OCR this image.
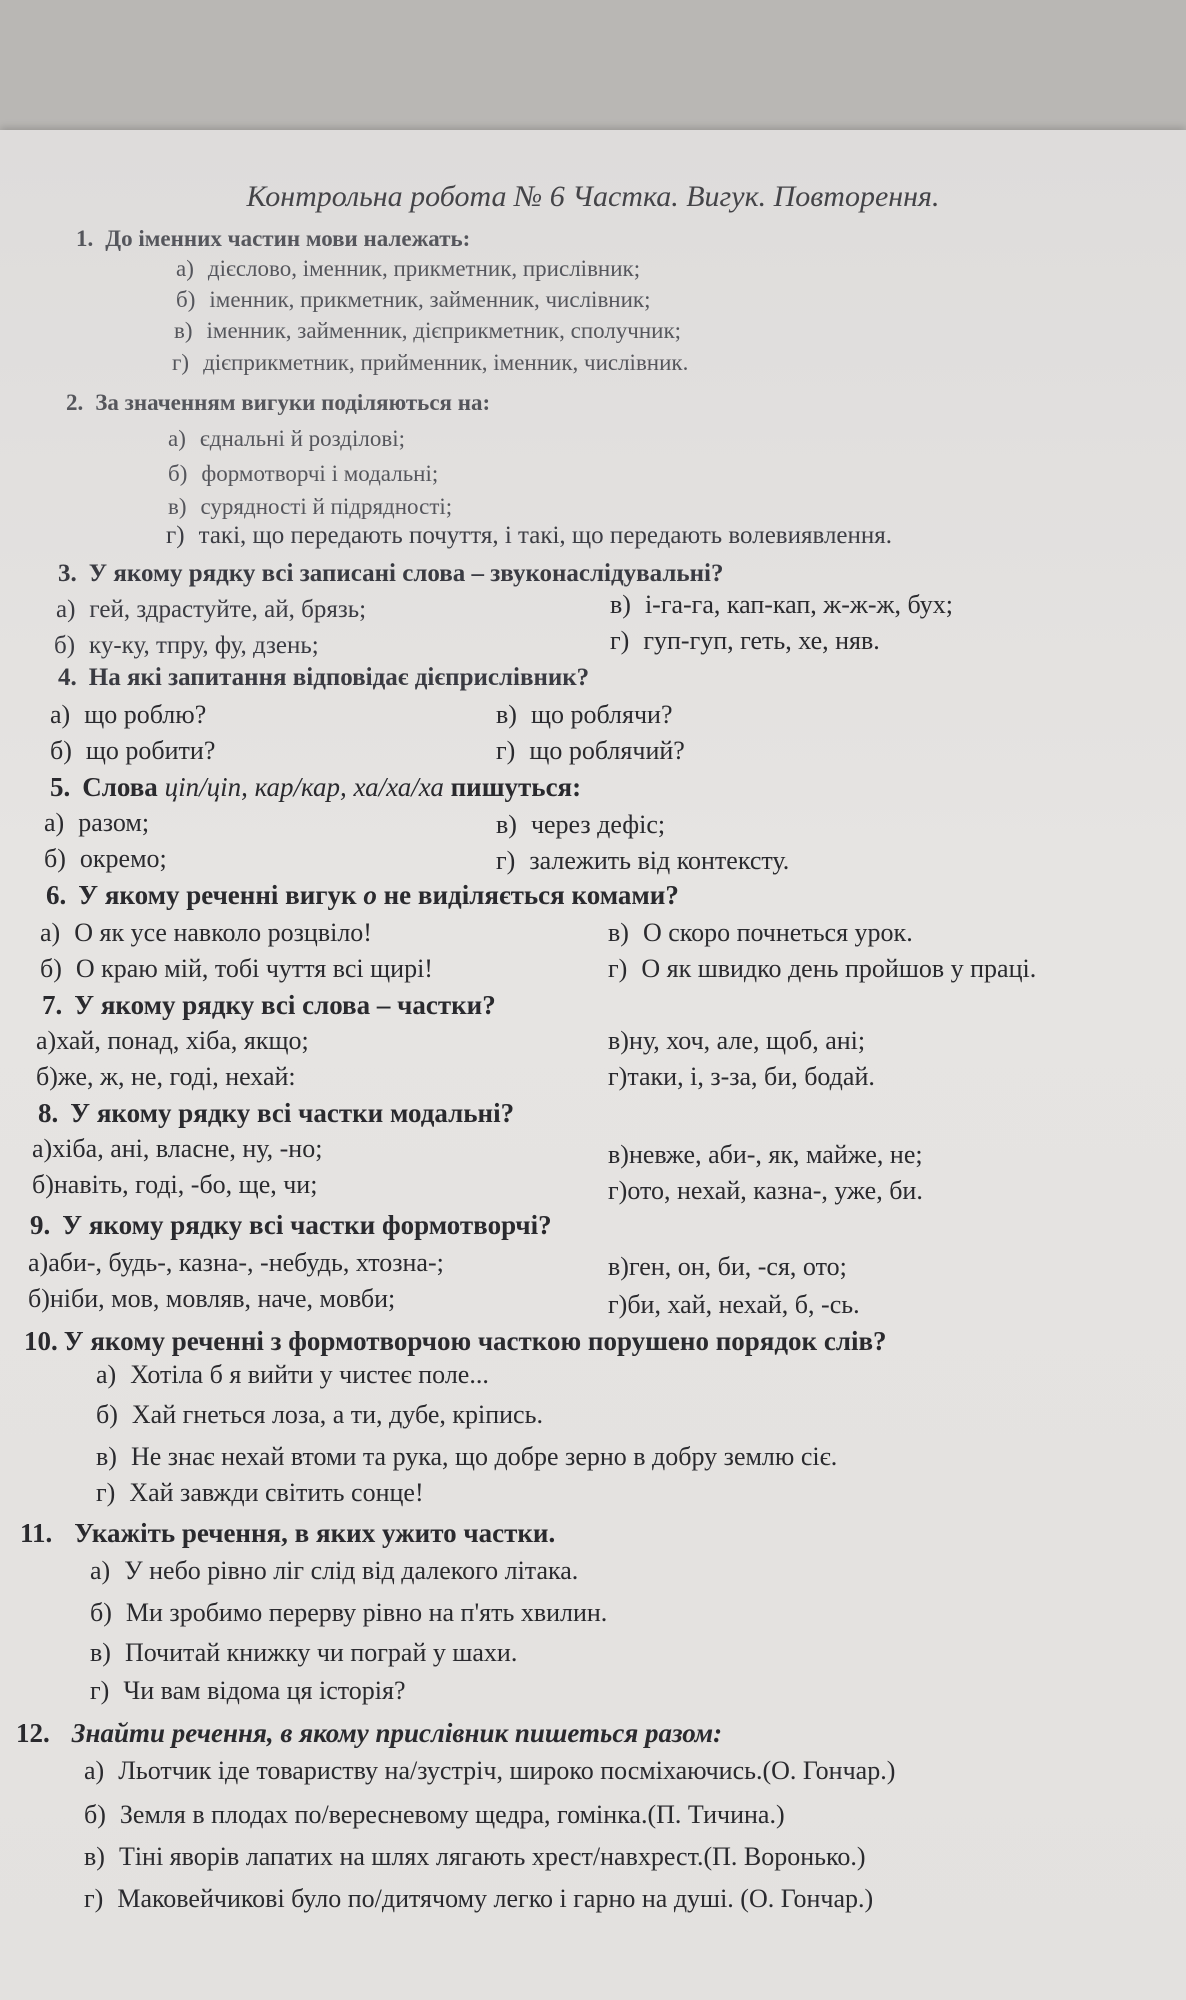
Контрольна робота № 6 Частка. Вигук. Повторення.
1. До іменних частин мови належать:
а) дієслово, іменник, прикметник, прислівник;
б) іменник, прикметник, займенник, числівник;
в) іменник, займенник, дієприкметник, сполучник;
г) дієприкметник, прийменник, іменник, числівник.
2. За значенням вигуки поділяються на:
а) єднальні й розділові;
б) формотворчі і модальні;
в) сурядності й підрядності;
г) такі, що передають почуття, і такі, що передають волевиявлення.
3. У якому рядку всі записані слова – звуконаслідувальні?
а) гей, здрастуйте, ай, брязь;	в) і-га-га, кап-кап, ж-ж-ж, бух;
б) ку-ку, тпру, фу, дзень;	г) гуп-гуп, геть, хе, няв.
4. На які запитання відповідає дієприслівник?
а) що роблю?	в) що роблячи?
б) що робити?	г) що роблячий?
5. Слова ціп/ціп, кар/кар, ха/ха/ха пишуться:
а) разом;	в) через дефіс;
б) окремо;	г) залежить від контексту.
6. У якому реченні вигук о не виділяється комами?
а) О як усе навколо розцвіло!	в) О скоро почнеться урок.
б) О краю мій, тобі чуття всі щирі!	г) О як швидко день пройшов у праці.
7. У якому рядку всі слова – частки?
а)хай, понад, хіба, якщо;	в)ну, хоч, але, щоб, ані;
б)же, ж, не, годі, нехай:	г)таки, і, з-за, би, бодай.
8. У якому рядку всі частки модальні?
а)хіба, ані, власне, ну, -но;	в)невже, аби-, як, майже, не;
б)навіть, годі, -бо, ще, чи;	г)ото, нехай, казна-, уже, би.
9. У якому рядку всі частки формотворчі?
а)аби-, будь-, казна-, -небудь, хтозна-;	в)ген, он, би, -ся, ото;
б)ніби, мов, мовляв, наче, мовби;	г)би, хай, нехай, б, -сь.
10. У якому реченні з формотворчою часткою порушено порядок слів?
а) Хотіла б я вийти у чистеє поле...
б) Хай гнеться лоза, а ти, дубе, кріпись.
в) Не знає нехай втоми та рука, що добре зерно в добру землю сіє.
г) Хай завжди світить сонце!
11. Укажіть речення, в яких ужито частки.
а) У небо рівно ліг слід від далекого літака.
б) Ми зробимо перерву рівно на п'ять хвилин.
в) Почитай книжку чи пограй у шахи.
г) Чи вам відома ця історія?
12. Знайти речення, в якому прислівник пишеться разом:
а) Льотчик іде товариству на/зустріч, широко посміхаючись.(О. Гончар.)
б) Земля в плодах по/вересневому щедра, гомінка.(П. Тичина.)
в) Тіні яворів лапатих на шлях лягають хрест/навхрест.(П. Воронько.)
г) Маковейчикові було по/дитячому легко і гарно на душі. (О. Гончар.)
